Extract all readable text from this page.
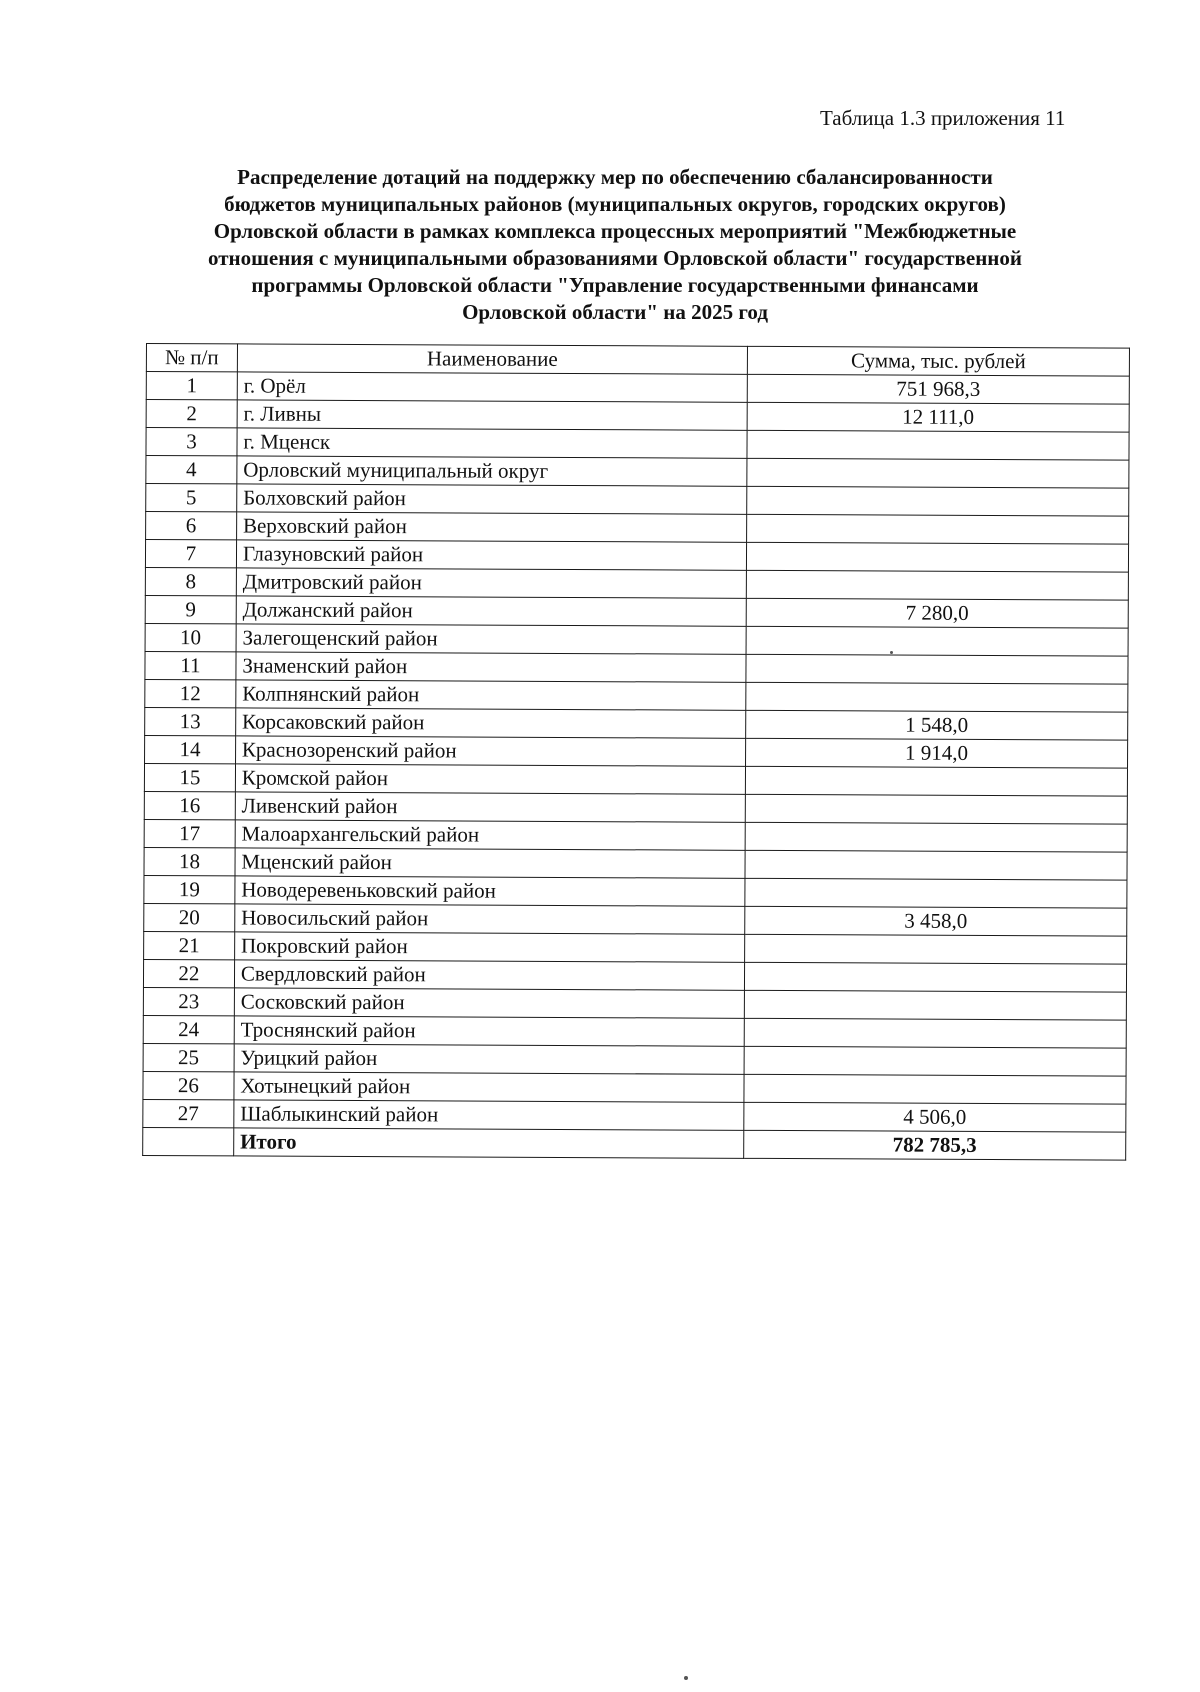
Таблица 1.3 приложения 11
Распределение дотаций на поддержку мер по обеспечению сбалансированности
бюджетов муниципальных районов (муниципальных округов, городских округов)
Орловской области в рамках комплекса процессных мероприятий "Межбюджетные
отношения с муниципальными образованиями Орловской области" государственной
программы Орловской области "Управление государственными финансами
Орловской области" на 2025 год
№ п/п	Наименование	Сумма, тыс. рублей
1	г. Орёл	751 968,3
2	г. Ливны	12 111,0
3	г. Мценск	
4	Орловский муниципальный округ	
5	Болховский район	
6	Верховский район	
7	Глазуновский район	
8	Дмитровский район	
9	Должанский район	7 280,0
10	Залегощенский район	
11	Знаменский район	
12	Колпнянский район	
13	Корсаковский район	1 548,0
14	Краснозоренский район	1 914,0
15	Кромской район	
16	Ливенский район	
17	Малоархангельский район	
18	Мценский район	
19	Новодеревеньковский район	
20	Новосильский район	3 458,0
21	Покровский район	
22	Свердловский район	
23	Сосковский район	
24	Троснянский район	
25	Урицкий район	
26	Хотынецкий район	
27	Шаблыкинский район	4 506,0
	Итого	782 785,3
